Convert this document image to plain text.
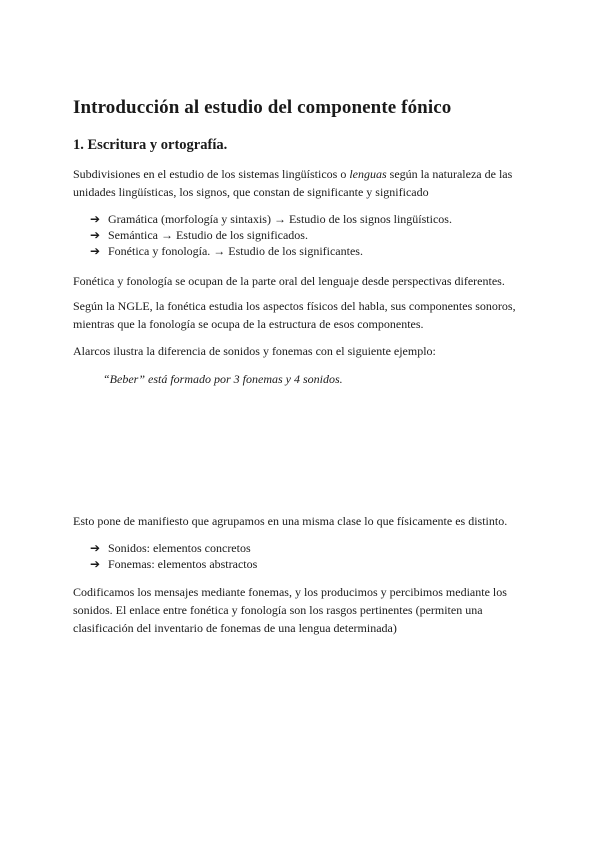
Introducción al estudio del componente fónico
1. Escritura y ortografía.

Subdivisiones en el estudio de los sistemas lingüísticos o lenguas según la naturaleza de las unidades lingüísticas, los signos, que constan de significante y significado

➔ Gramática (morfología y sintaxis) → Estudio de los signos lingüísticos.
➔ Semántica → Estudio de los significados.
➔ Fonética y fonología. → Estudio de los significantes.

Fonética y fonología se ocupan de la parte oral del lenguaje desde perspectivas diferentes.

Según la NGLE, la fonética estudia los aspectos físicos del habla, sus componentes sonoros, mientras que la fonología se ocupa de la estructura de esos componentes.

Alarcos ilustra la diferencia de sonidos y fonemas con el siguiente ejemplo:

“Beber” está formado por 3 fonemas y 4 sonidos.

Esto pone de manifiesto que agrupamos en una misma clase lo que físicamente es distinto.

➔ Sonidos: elementos concretos
➔ Fonemas: elementos abstractos

Codificamos los mensajes mediante fonemas, y los producimos y percibimos mediante los sonidos. El enlace entre fonética y fonología son los rasgos pertinentes (permiten una clasificación del inventario de fonemas de una lengua determinada)
